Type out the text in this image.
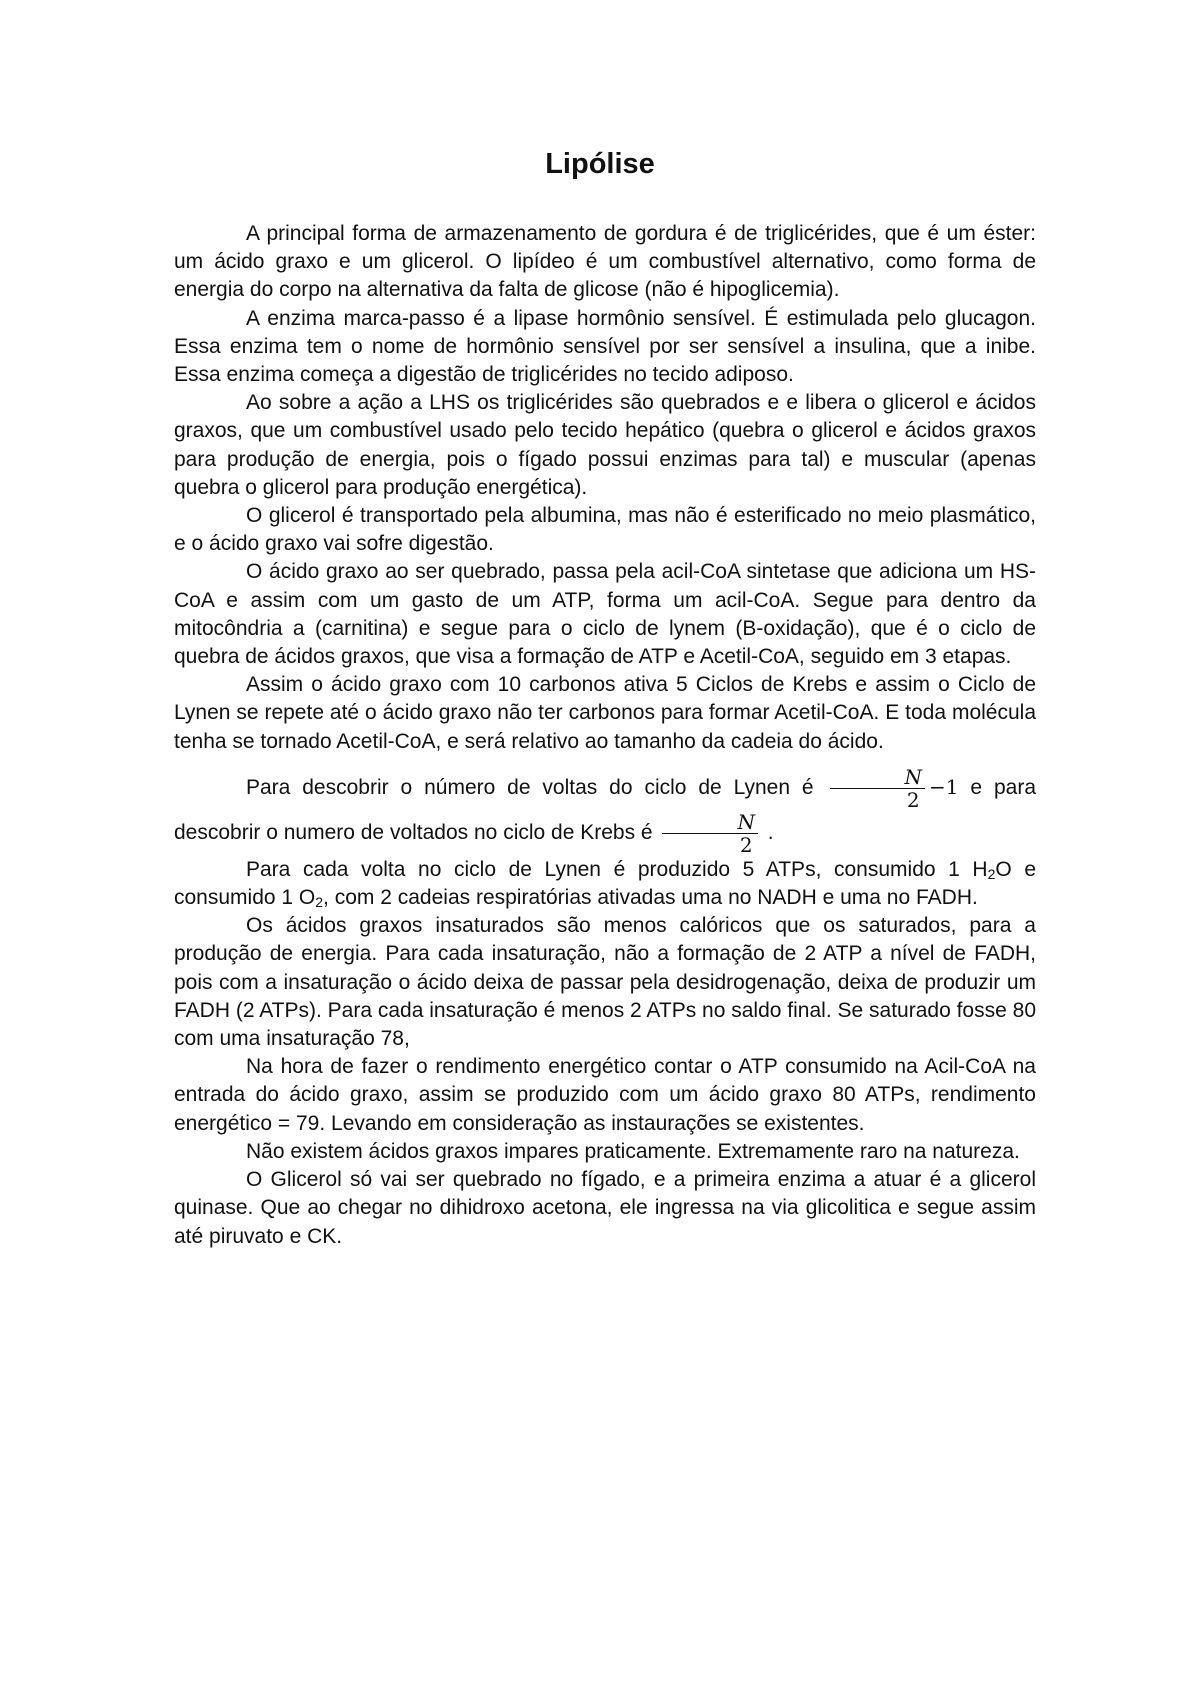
Lipólise

A principal forma de armazenamento de gordura é de triglicérides, que é um éster: um ácido graxo e um glicerol. O lipídeo é um combustível alternativo, como forma de energia do corpo na alternativa da falta de glicose (não é hipoglicemia).

A enzima marca-passo é a lipase hormônio sensível. É estimulada pelo glucagon. Essa enzima tem o nome de hormônio sensível por ser sensível a insulina, que a inibe. Essa enzima começa a digestão de triglicérides no tecido adiposo.

Ao sobre a ação a LHS os triglicérides são quebrados e e libera o glicerol e ácidos graxos, que um combustível usado pelo tecido hepático (quebra o glicerol e ácidos graxos para produção de energia, pois o fígado possui enzimas para tal) e muscular (apenas quebra o glicerol para produção energética).

O glicerol é transportado pela albumina, mas não é esterificado no meio plasmático, e o ácido graxo vai sofre digestão.

O ácido graxo ao ser quebrado, passa pela acil-CoA sintetase que adiciona um HS-CoA e assim com um gasto de um ATP, forma um acil-CoA. Segue para dentro da mitocôndria a (carnitina) e segue para o ciclo de lynem (B-oxidação), que é o ciclo de quebra de ácidos graxos, que visa a formação de ATP e Acetil-CoA, seguido em 3 etapas.

Assim o ácido graxo com 10 carbonos ativa 5 Ciclos de Krebs e assim o Ciclo de Lynen se repete até o ácido graxo não ter carbonos para formar Acetil-CoA. E toda molécula tenha se tornado Acetil-CoA, e será relativo ao tamanho da cadeia do ácido.

Para descobrir o número de voltas do ciclo de Lynen é $\frac{N}{2} -1$ e para descobrir o numero de voltados no ciclo de Krebs é $\frac{N}{2}$ .

Para cada volta no ciclo de Lynen é produzido 5 ATPs, consumido 1 $H_2O$ e consumido 1 $O_2$, com 2 cadeias respiratórias ativadas uma no NADH e uma no FADH.

Os ácidos graxos insaturados são menos calóricos que os saturados, para a produção de energia. Para cada insaturação, não a formação de 2 ATP a nível de FADH, pois com a insaturação o ácido deixa de passar pela desidrogenação, deixa de produzir um FADH (2 ATPs). Para cada insaturação é menos 2 ATPs no saldo final. Se saturado fosse 80 com uma insaturação 78,

Na hora de fazer o rendimento energético contar o ATP consumido na Acil-CoA na entrada do ácido graxo, assim se produzido com um ácido graxo 80 ATPs, rendimento energético = 79. Levando em consideração as instaurações se existentes.

Não existem ácidos graxos impares praticamente. Extremamente raro na natureza.

O Glicerol só vai ser quebrado no fígado, e a primeira enzima a atuar é a glicerol quinase. Que ao chegar no dihidroxo acetona, ele ingressa na via glicolitica e segue assim até piruvato e CK.
